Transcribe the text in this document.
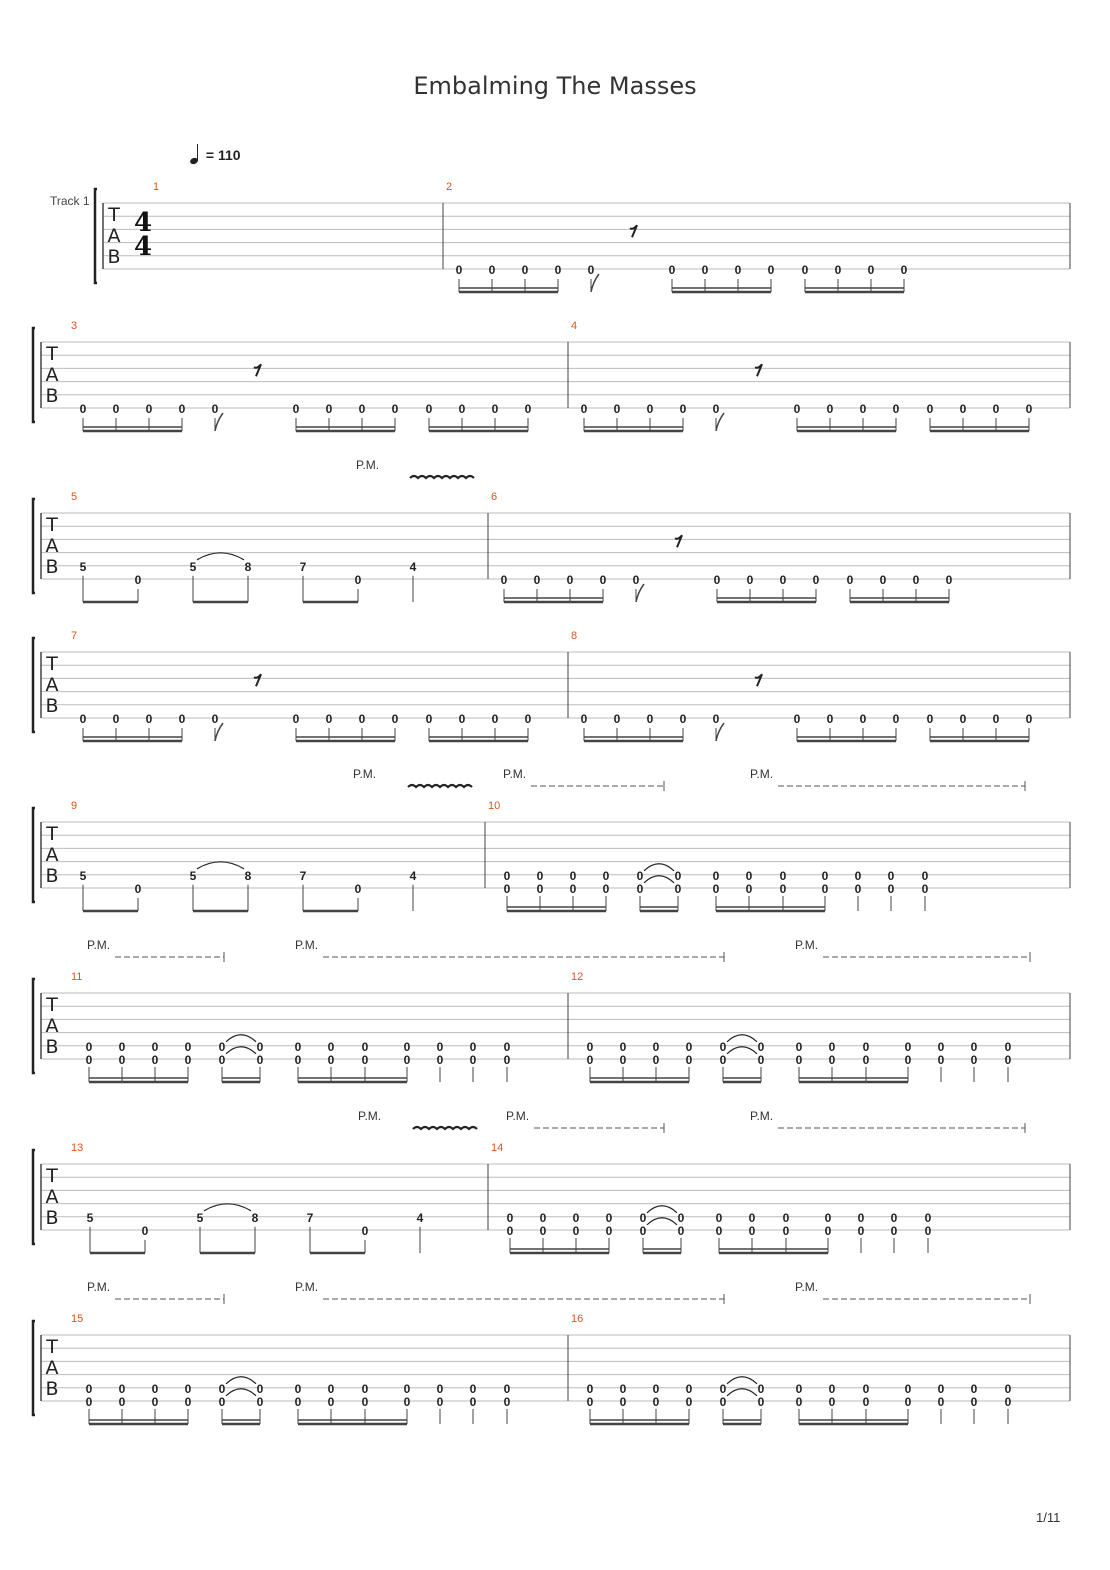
Embalming The Masses
= 110
Track 1
T
A
B
4
4
1	2
0 0 0 0 0	0 0 0 0 0 0 0 0
T
A
B
3
0 0 0 0 0	0 0 0 0 0 0 0 0
4
0 0 0 0 0	0 0 0 0 0 0 0 0
T
A
B
P.M.
5
5
0
5	8	7
0
4
6
0 0 0 0 0	0 0 0 0 0 0 0 0
T
A
B
7
0 0 0 0 0	0 0 0 0 0 0 0 0
8
0 0 0 0 0	0 0 0 0 0 0 0 0
T
A
B
P.M.	P.M.	P.M.
9
5
0
5	8	7
0
4
10
0
0
0
0
0
0
0
0
0
0
0
0
0
0
0
0
0
0
0
0
0
0
0
0
0
0
T
A
B
P.M.	P.M.	P.M.
11
0
0
0
0
0
0
0
0
0
0
0
0
0
0
0
0
0
0
0
0
0
0
0
0
0
0
12
0
0
0
0
0
0
0
0
0
0
0
0
0
0
0
0
0
0
0
0
0
0
0
0
0
0
T
A
B
P.M.	P.M.	P.M.
13
5
0
5	8	7
0
4
14
0
0
0
0
0
0
0
0
0
0
0
0
0
0
0
0
0
0
0
0
0
0
0
0
0
0
T
A
B
P.M.	P.M.	P.M.
15
0
0
0
0
0
0
0
0
0
0
0
0
0
0
0
0
0
0
0
0
0
0
0
0
0
0
16
0
0
0
0
0
0
0
0
0
0
0
0
0
0
0
0
0
0
0
0
0
0
0
0
0
0
1/11
